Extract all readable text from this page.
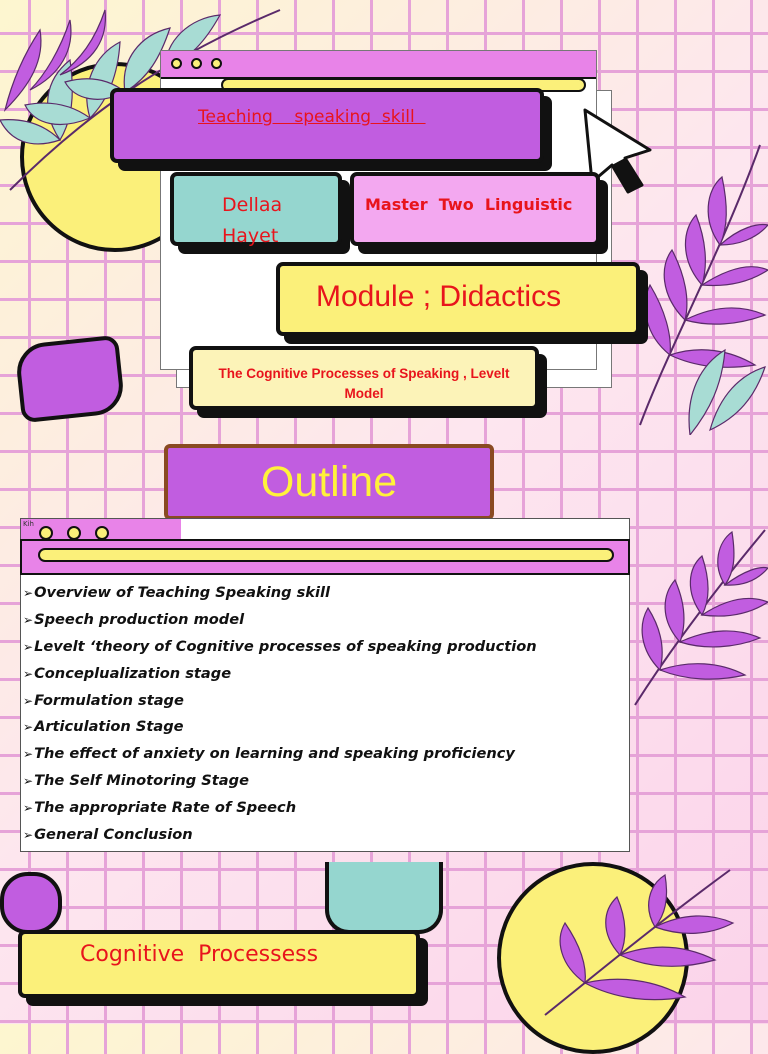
Teaching    speaking  skill
Dellaa Hayet
Master  Two  Linguistic
Module ; Didactics
The Cognitive Processes of Speaking , Levelt Model
Outline
Kih
➢Overview of Teaching Speaking skill
➢Speech production model
➢Levelt ‘theory of Cognitive processes of speaking production
➢Conceplualization stage
➢Formulation stage
➢Articulation Stage
➢The effect of anxiety on learning and speaking proficiency
➢The Self Minotoring Stage
➢The appropriate Rate of Speech
➢General Conclusion
Cognitive  Processess
